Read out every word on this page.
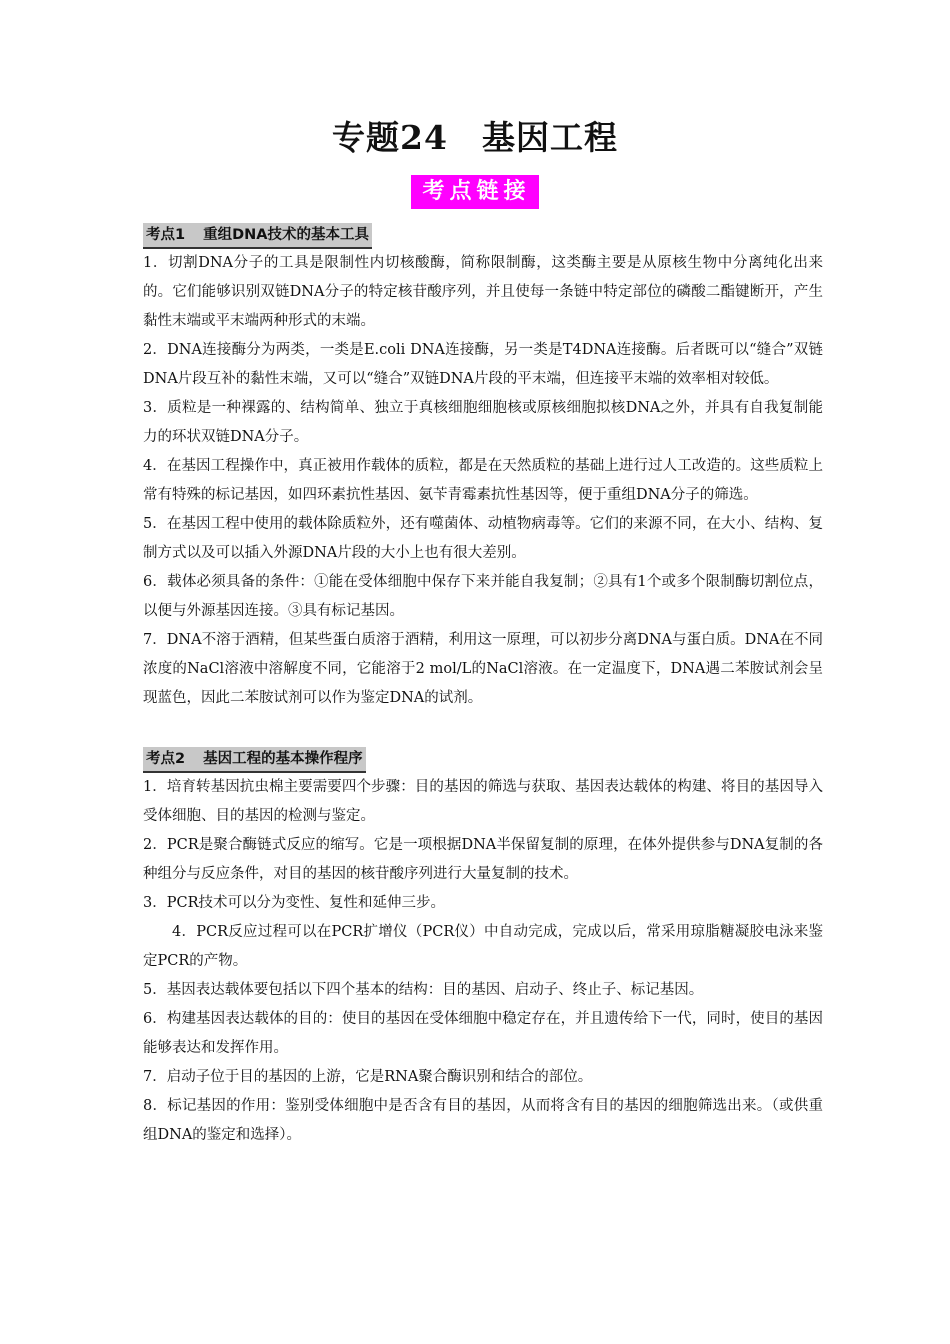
专题24　基因工程
考点链接
考点1 重组DNA技术的基本工具

1．切割DNA分子的工具是限制性内切核酸酶，简称限制酶，这类酶主要是从原核生物中分离纯化出来的。它们能够识别双链DNA分子的特定核苷酸序列，并且使每一条链中特定部位的磷酸二酯键断开，产生黏性末端或平末端两种形式的末端。

2．DNA连接酶分为两类，一类是E.coli DNA连接酶，另一类是T4DNA连接酶。后者既可以“缝合”双链DNA片段互补的黏性末端，又可以“缝合”双链DNA片段的平末端，但连接平末端的效率相对较低。

3．质粒是一种裸露的、结构简单、独立于真核细胞细胞核或原核细胞拟核DNA之外，并具有自我复制能力的环状双链DNA分子。

4．在基因工程操作中，真正被用作载体的质粒，都是在天然质粒的基础上进行过人工改造的。这些质粒上常有特殊的标记基因，如四环素抗性基因、氨苄青霉素抗性基因等，便于重组DNA分子的筛选。

5．在基因工程中使用的载体除质粒外，还有噬菌体、动植物病毒等。它们的来源不同，在大小、结构、复制方式以及可以插入外源DNA片段的大小上也有很大差别。

6．载体必须具备的条件：①能在受体细胞中保存下来并能自我复制；②具有1个或多个限制酶切割位点，以便与外源基因连接。③具有标记基因。

7．DNA不溶于酒精，但某些蛋白质溶于酒精，利用这一原理，可以初步分离DNA与蛋白质。DNA在不同浓度的NaCl溶液中溶解度不同，它能溶于2 mol/L的NaCl溶液。在一定温度下，DNA遇二苯胺试剂会呈现蓝色，因此二苯胺试剂可以作为鉴定DNA的试剂。

考点2 基因工程的基本操作程序

1．培育转基因抗虫棉主要需要四个步骤：目的基因的筛选与获取、基因表达载体的构建、将目的基因导入受体细胞、目的基因的检测与鉴定。

2．PCR是聚合酶链式反应的缩写。它是一项根据DNA半保留复制的原理，在体外提供参与DNA复制的各种组分与反应条件，对目的基因的核苷酸序列进行大量复制的技术。

3．PCR技术可以分为变性、复性和延伸三步。

4．PCR反应过程可以在PCR扩增仪（PCR仪）中自动完成，完成以后，常采用琼脂糖凝胶电泳来鉴定PCR的产物。

5．基因表达载体要包括以下四个基本的结构：目的基因、启动子、终止子、标记基因。

6．构建基因表达载体的目的：使目的基因在受体细胞中稳定存在，并且遗传给下一代，同时，使目的基因能够表达和发挥作用。

7．启动子位于目的基因的上游，它是RNA聚合酶识别和结合的部位。

8．标记基因的作用：鉴别受体细胞中是否含有目的基因，从而将含有目的基因的细胞筛选出来。（或供重组DNA的鉴定和选择）。
